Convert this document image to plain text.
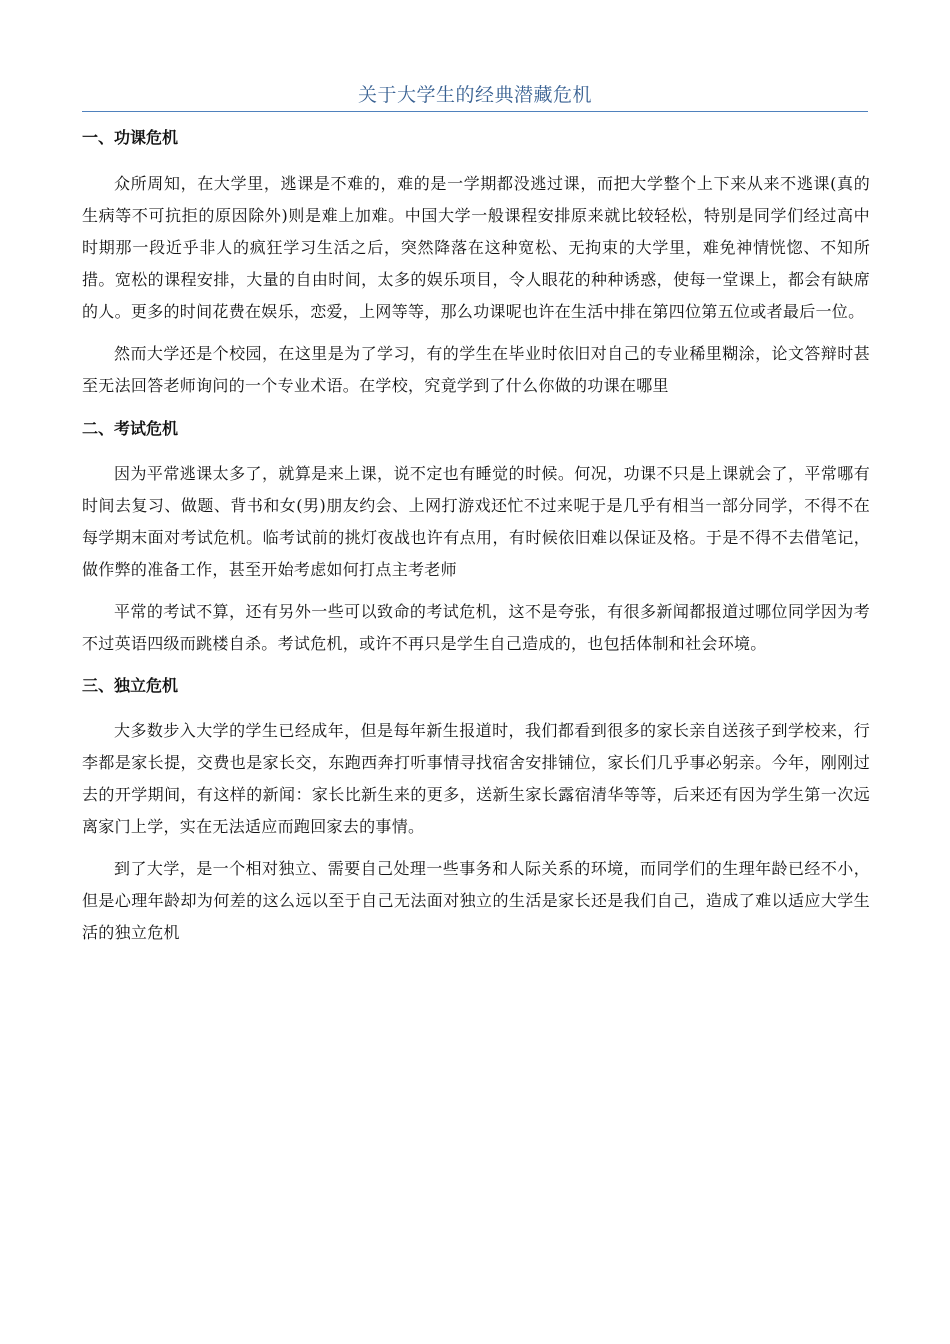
关于大学生的经典潜藏危机
一、功课危机

众所周知，在大学里，逃课是不难的，难的是一学期都没逃过课，而把大学整个上下来从来不逃课(真的生病等不可抗拒的原因除外)则是难上加难。中国大学一般课程安排原来就比较轻松，特别是同学们经过高中时期那一段近乎非人的疯狂学习生活之后，突然降落在这种宽松、无拘束的大学里，难免神情恍惚、不知所措。宽松的课程安排，大量的自由时间，太多的娱乐项目，令人眼花的种种诱惑，使每一堂课上，都会有缺席的人。更多的时间花费在娱乐，恋爱，上网等等，那么功课呢也许在生活中排在第四位第五位或者最后一位。

然而大学还是个校园，在这里是为了学习，有的学生在毕业时依旧对自己的专业稀里糊涂，论文答辩时甚至无法回答老师询问的一个专业术语。在学校，究竟学到了什么你做的功课在哪里

二、考试危机

因为平常逃课太多了，就算是来上课，说不定也有睡觉的时候。何况，功课不只是上课就会了，平常哪有时间去复习、做题、背书和女(男)朋友约会、上网打游戏还忙不过来呢于是几乎有相当一部分同学，不得不在每学期末面对考试危机。临考试前的挑灯夜战也许有点用，有时候依旧难以保证及格。于是不得不去借笔记，做作弊的准备工作，甚至开始考虑如何打点主考老师

平常的考试不算，还有另外一些可以致命的考试危机，这不是夸张，有很多新闻都报道过哪位同学因为考不过英语四级而跳楼自杀。考试危机，或许不再只是学生自己造成的，也包括体制和社会环境。

三、独立危机

大多数步入大学的学生已经成年，但是每年新生报道时，我们都看到很多的家长亲自送孩子到学校来，行李都是家长提，交费也是家长交，东跑西奔打听事情寻找宿舍安排铺位，家长们几乎事必躬亲。今年，刚刚过去的开学期间，有这样的新闻：家长比新生来的更多，送新生家长露宿清华等等，后来还有因为学生第一次远离家门上学，实在无法适应而跑回家去的事情。

到了大学，是一个相对独立、需要自己处理一些事务和人际关系的环境，而同学们的生理年龄已经不小，但是心理年龄却为何差的这么远以至于自己无法面对独立的生活是家长还是我们自己，造成了难以适应大学生活的独立危机
